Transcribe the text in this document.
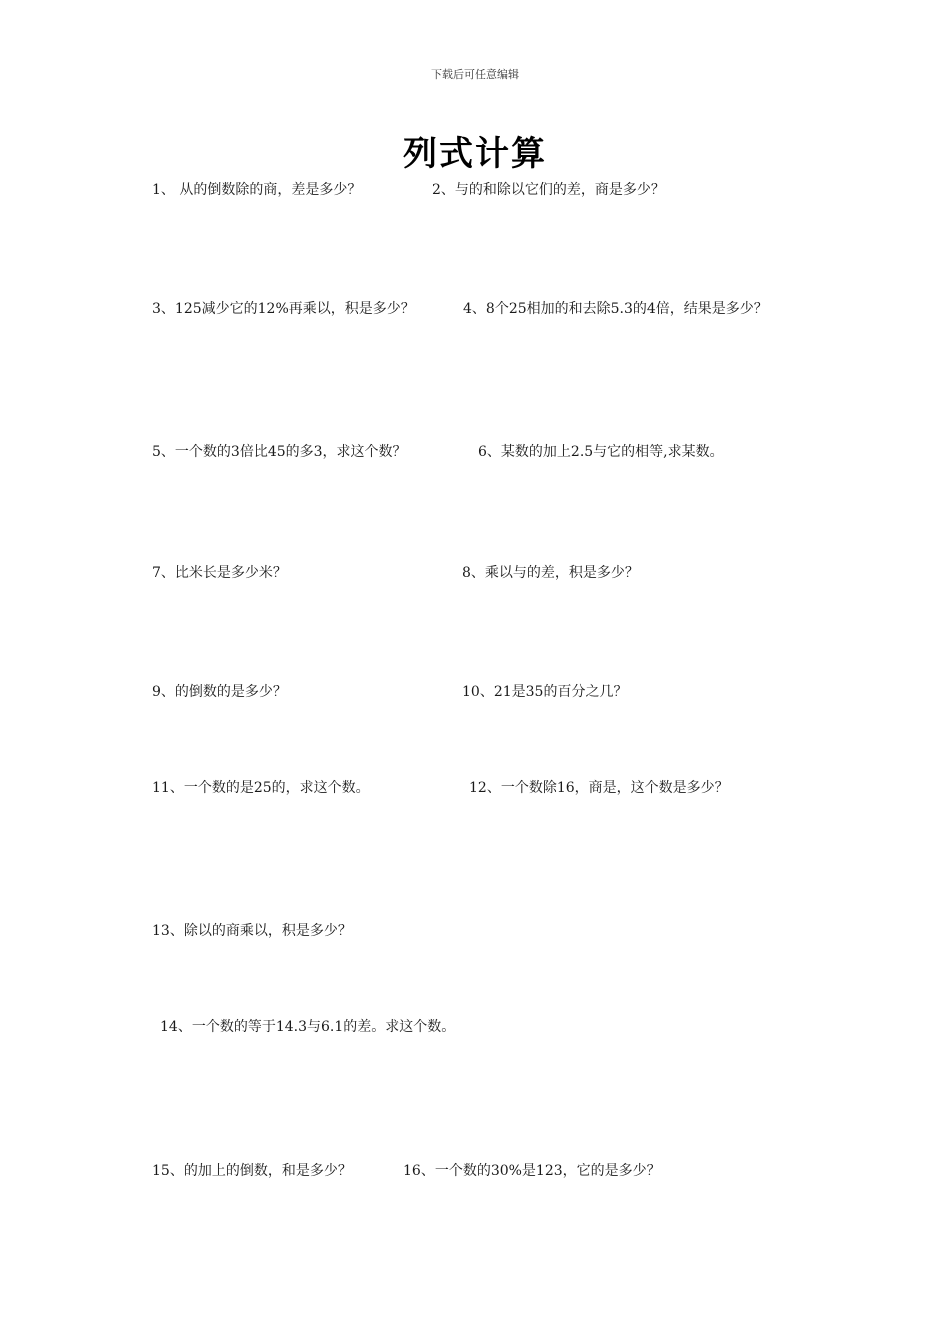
下载后可任意编辑
列式计算
1、 从的倒数除的商，差是多少？	2、与的和除以它们的差，商是多少？
3、125减少它的12%再乘以，积是多少？	4、8个25相加的和去除5.3的4倍，结果是多少？
5、一个数的3倍比45的多3，求这个数？	6、某数的加上2.5与它的相等,求某数。
7、比米长是多少米？	8、乘以与的差，积是多少？
9、的倒数的是多少？	10、21是35的百分之几？
11、一个数的是25的，求这个数。	12、一个数除16，商是，这个数是多少？
13、除以的商乘以，积是多少？
14、一个数的等于14.3与6.1的差。求这个数。
15、的加上的倒数，和是多少？	16、一个数的30%是123，它的是多少？
